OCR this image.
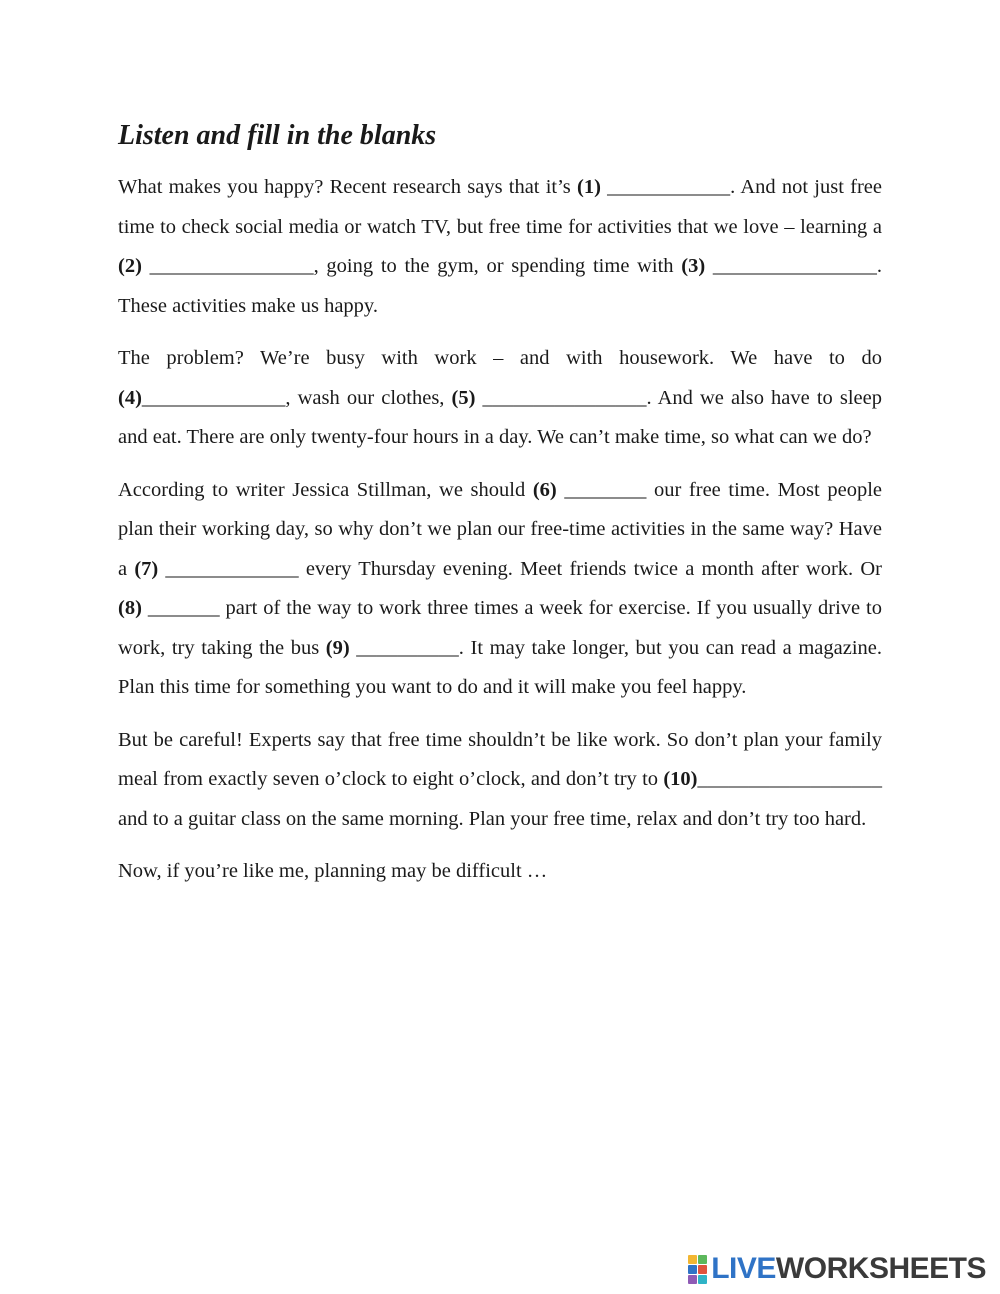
Listen and fill in the blanks

What makes you happy? Recent research says that it’s (1) ____________. And not just free time to check social media or watch TV, but free time for activities that we love – learning a (2) ________________, going to the gym, or spending time with (3) ________________. These activities make us happy.

The problem? We’re busy with work – and with housework. We have to do (4)______________, wash our clothes, (5) ________________. And we also have to sleep and eat. There are only twenty-four hours in a day. We can’t make time, so what can we do?

According to writer Jessica Stillman, we should (6) ________ our free time. Most people plan their working day, so why don’t we plan our free-time activities in the same way? Have a (7) _____________ every Thursday evening. Meet friends twice a month after work. Or (8) _______ part of the way to work three times a week for exercise. If you usually drive to work, try taking the bus (9) __________. It may take longer, but you can read a magazine. Plan this time for something you want to do and it will make you feel happy.

But be careful! Experts say that free time shouldn’t be like work. So don’t plan your family meal from exactly seven o’clock to eight o’clock, and don’t try to (10)__________________ and to a guitar class on the same morning. Plan your free time, relax and don’t try too hard.

Now, if you’re like me, planning may be difficult …

LIVEWORKSHEETS
